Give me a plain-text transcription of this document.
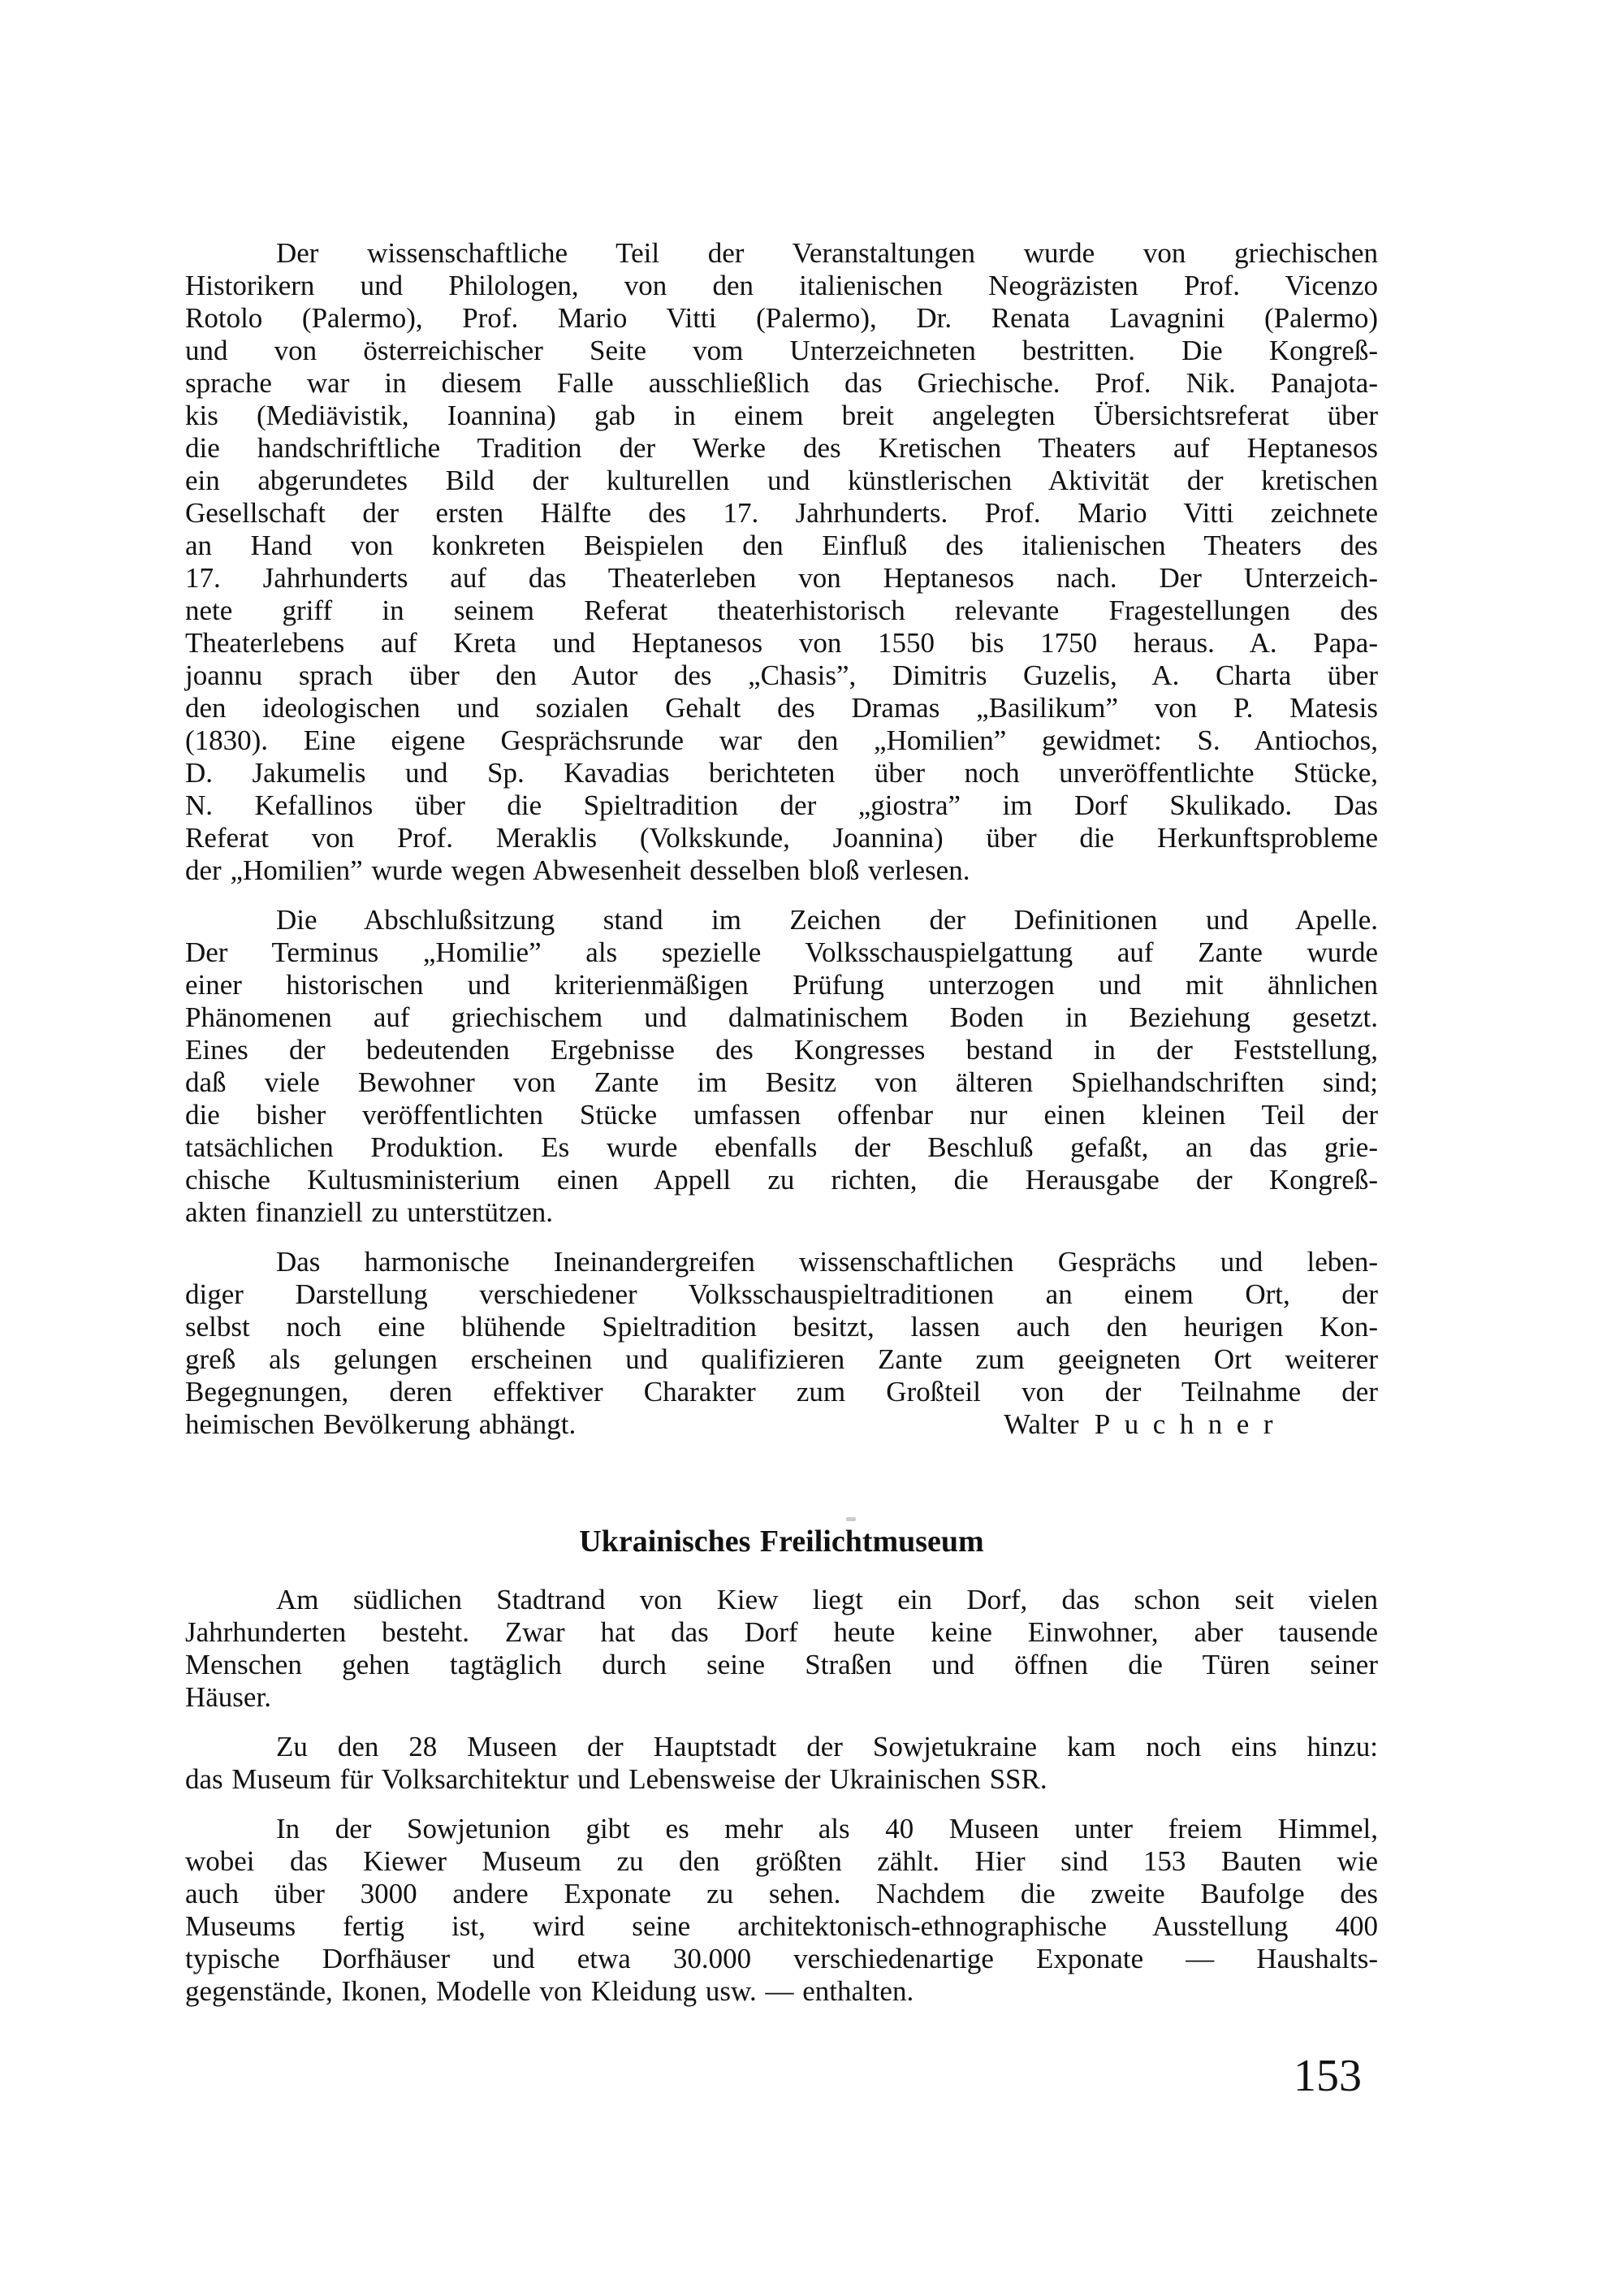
Der wissenschaftliche Teil der Veranstaltungen wurde von griechischen
Historikern und Philologen, von den italienischen Neogräzisten Prof. Vicenzo
Rotolo (Palermo), Prof. Mario Vitti (Palermo), Dr. Renata Lavagnini (Palermo)
und von österreichischer Seite vom Unterzeichneten bestritten. Die Kongreß-
sprache war in diesem Falle ausschließlich das Griechische. Prof. Nik. Panajota-
kis (Mediävistik, Ioannina) gab in einem breit angelegten Übersichtsreferat über
die handschriftliche Tradition der Werke des Kretischen Theaters auf Heptanesos
ein abgerundetes Bild der kulturellen und künstlerischen Aktivität der kretischen
Gesellschaft der ersten Hälfte des 17. Jahrhunderts. Prof. Mario Vitti zeichnete
an Hand von konkreten Beispielen den Einfluß des italienischen Theaters des
17. Jahrhunderts auf das Theaterleben von Heptanesos nach. Der Unterzeich-
nete griff in seinem Referat theaterhistorisch relevante Fragestellungen des
Theaterlebens auf Kreta und Heptanesos von 1550 bis 1750 heraus. A. Papa-
joannu sprach über den Autor des „Chasis”, Dimitris Guzelis, A. Charta über
den ideologischen und sozialen Gehalt des Dramas „Basilikum” von P. Matesis
(1830). Eine eigene Gesprächsrunde war den „Homilien” gewidmet: S. Antiochos,
D. Jakumelis und Sp. Kavadias berichteten über noch unveröffentlichte Stücke,
N. Kefallinos über die Spieltradition der „giostra” im Dorf Skulikado. Das
Referat von Prof. Meraklis (Volkskunde, Joannina) über die Herkunftsprobleme
der „Homilien” wurde wegen Abwesenheit desselben bloß verlesen.

Die Abschlußsitzung stand im Zeichen der Definitionen und Apelle.
Der Terminus „Homilie” als spezielle Volksschauspielgattung auf Zante wurde
einer historischen und kriterienmäßigen Prüfung unterzogen und mit ähnlichen
Phänomenen auf griechischem und dalmatinischem Boden in Beziehung gesetzt.
Eines der bedeutenden Ergebnisse des Kongresses bestand in der Feststellung,
daß viele Bewohner von Zante im Besitz von älteren Spielhandschriften sind;
die bisher veröffentlichten Stücke umfassen offenbar nur einen kleinen Teil der
tatsächlichen Produktion. Es wurde ebenfalls der Beschluß gefaßt, an das grie-
chische Kultusministerium einen Appell zu richten, die Herausgabe der Kongreß-
akten finanziell zu unterstützen.

Das harmonische Ineinandergreifen wissenschaftlichen Gesprächs und leben-
diger Darstellung verschiedener Volksschauspieltraditionen an einem Ort, der
selbst noch eine blühende Spieltradition besitzt, lassen auch den heurigen Kon-
greß als gelungen erscheinen und qualifizieren Zante zum geeigneten Ort weiterer
Begegnungen, deren effektiver Charakter zum Großteil von der Teilnahme der
heimischen Bevölkerung abhängt.	Walter Puchner

Ukrainisches Freilichtmuseum

Am südlichen Stadtrand von Kiew liegt ein Dorf, das schon seit vielen
Jahrhunderten besteht. Zwar hat das Dorf heute keine Einwohner, aber tausende
Menschen gehen tagtäglich durch seine Straßen und öffnen die Türen seiner
Häuser.

Zu den 28 Museen der Hauptstadt der Sowjetukraine kam noch eins hinzu:
das Museum für Volksarchitektur und Lebensweise der Ukrainischen SSR.

In der Sowjetunion gibt es mehr als 40 Museen unter freiem Himmel,
wobei das Kiewer Museum zu den größten zählt. Hier sind 153 Bauten wie
auch über 3000 andere Exponate zu sehen. Nachdem die zweite Baufolge des
Museums fertig ist, wird seine architektonisch-ethnographische Ausstellung 400
typische Dorfhäuser und etwa 30.000 verschiedenartige Exponate — Haushalts-
gegenstände, Ikonen, Modelle von Kleidung usw. — enthalten.

153
